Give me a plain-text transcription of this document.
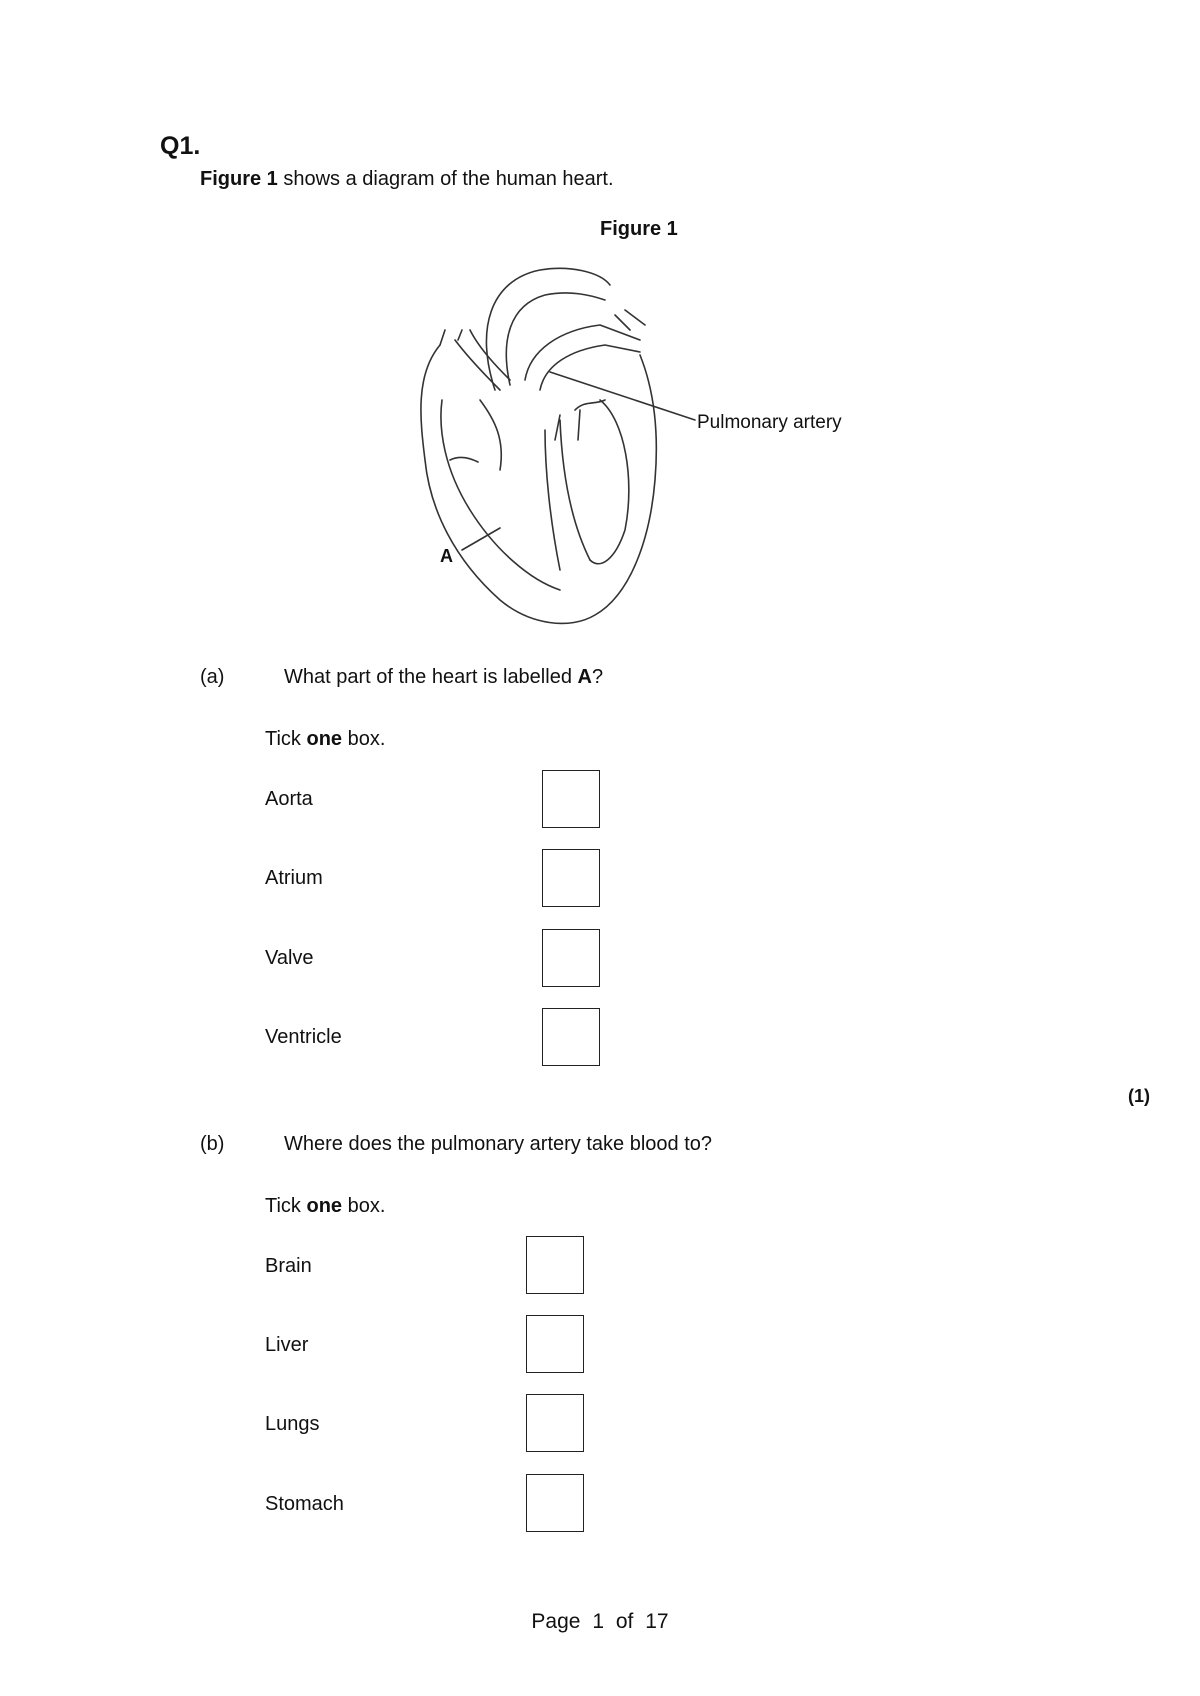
Q1.
Figure 1 shows a diagram of the human heart.
Figure 1
Pulmonary artery
A
(a)	What part of the heart is labelled A?
Tick one box.
Aorta
Atrium
Valve
Ventricle
(1)
(b)	Where does the pulmonary artery take blood to?
Tick one box.
Brain
Liver
Lungs
Stomach
Page 1 of 17
